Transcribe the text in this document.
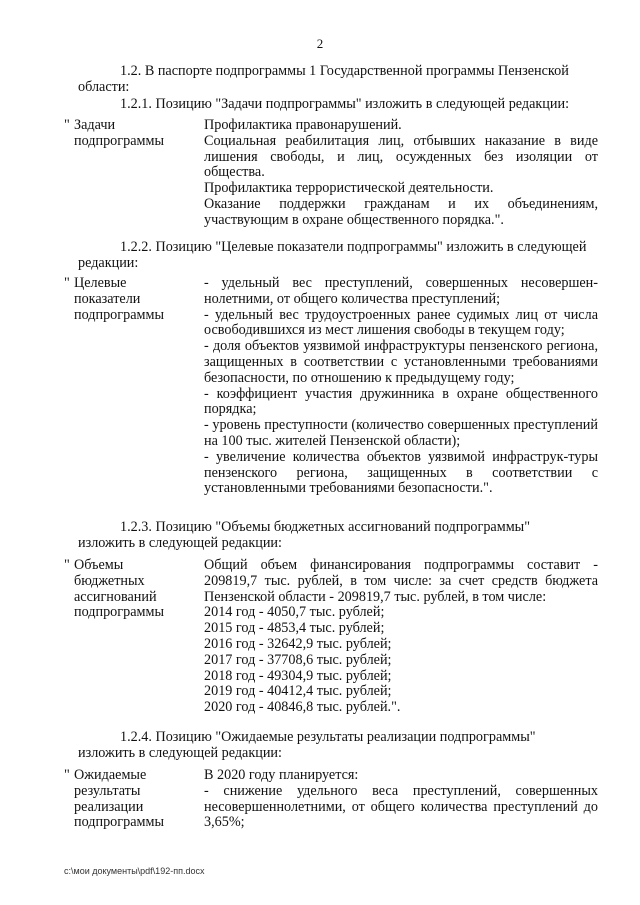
2
1.2. В паспорте подпрограммы 1 Государственной программы Пензенской
области:
1.2.1. Позицию "Задачи подпрограммы" изложить в следующей редакции:
" Задачи подпрограммы

Профилактика правонарушений.

Социальная реабилитация лиц, отбывших наказание в виде лишения свободы, и лиц, осужденных без изоляции от общества.

Профилактика террористической деятельности.

Оказание поддержки гражданам и их объединениям, участвующим в охране общественного порядка.".

1.2.2. Позицию "Целевые показатели подпрограммы" изложить в следующей
редакции:
" Целевые показатели подпрограммы

- удельный вес преступлений, совершенных несовершен-нолетними, от общего количества преступлений;

- удельный вес трудоустроенных ранее судимых лиц от числа освободившихся из мест лишения свободы в текущем году;

- доля объектов уязвимой инфраструктуры пензенского региона, защищенных в соответствии с установленными требованиями безопасности, по отношению к предыдущему году;

- коэффициент участия дружинника в охране общественного порядка;

- уровень преступности (количество совершенных преступлений на 100 тыс. жителей Пензенской области);

- увеличение количества объектов уязвимой инфраструк-туры пензенского региона, защищенных в соответствии с установленными требованиями безопасности.".

1.2.3. Позицию "Объемы бюджетных ассигнований подпрограммы"
изложить в следующей редакции:
" Объемы бюджетных ассигнований подпрограммы

Общий объем финансирования подпрограммы составит - 209819,7 тыс. рублей, в том числе: за счет средств бюджета Пензенской области - 209819,7 тыс. рублей, в том числе:

2014 год - 4050,7 тыс. рублей;

2015 год - 4853,4 тыс. рублей;

2016 год - 32642,9 тыс. рублей;

2017 год - 37708,6 тыс. рублей;

2018 год - 49304,9 тыс. рублей;

2019 год - 40412,4 тыс. рублей;

2020 год - 40846,8 тыс. рублей.".

1.2.4. Позицию "Ожидаемые результаты реализации подпрограммы"
изложить в следующей редакции:
" Ожидаемые результаты реализации подпрограммы

В 2020 году планируется:

- снижение удельного веса преступлений, совершенных несовершеннолетними, от общего количества преступлений до 3,65%;

c:\мои документы\pdf\192-пп.docx
